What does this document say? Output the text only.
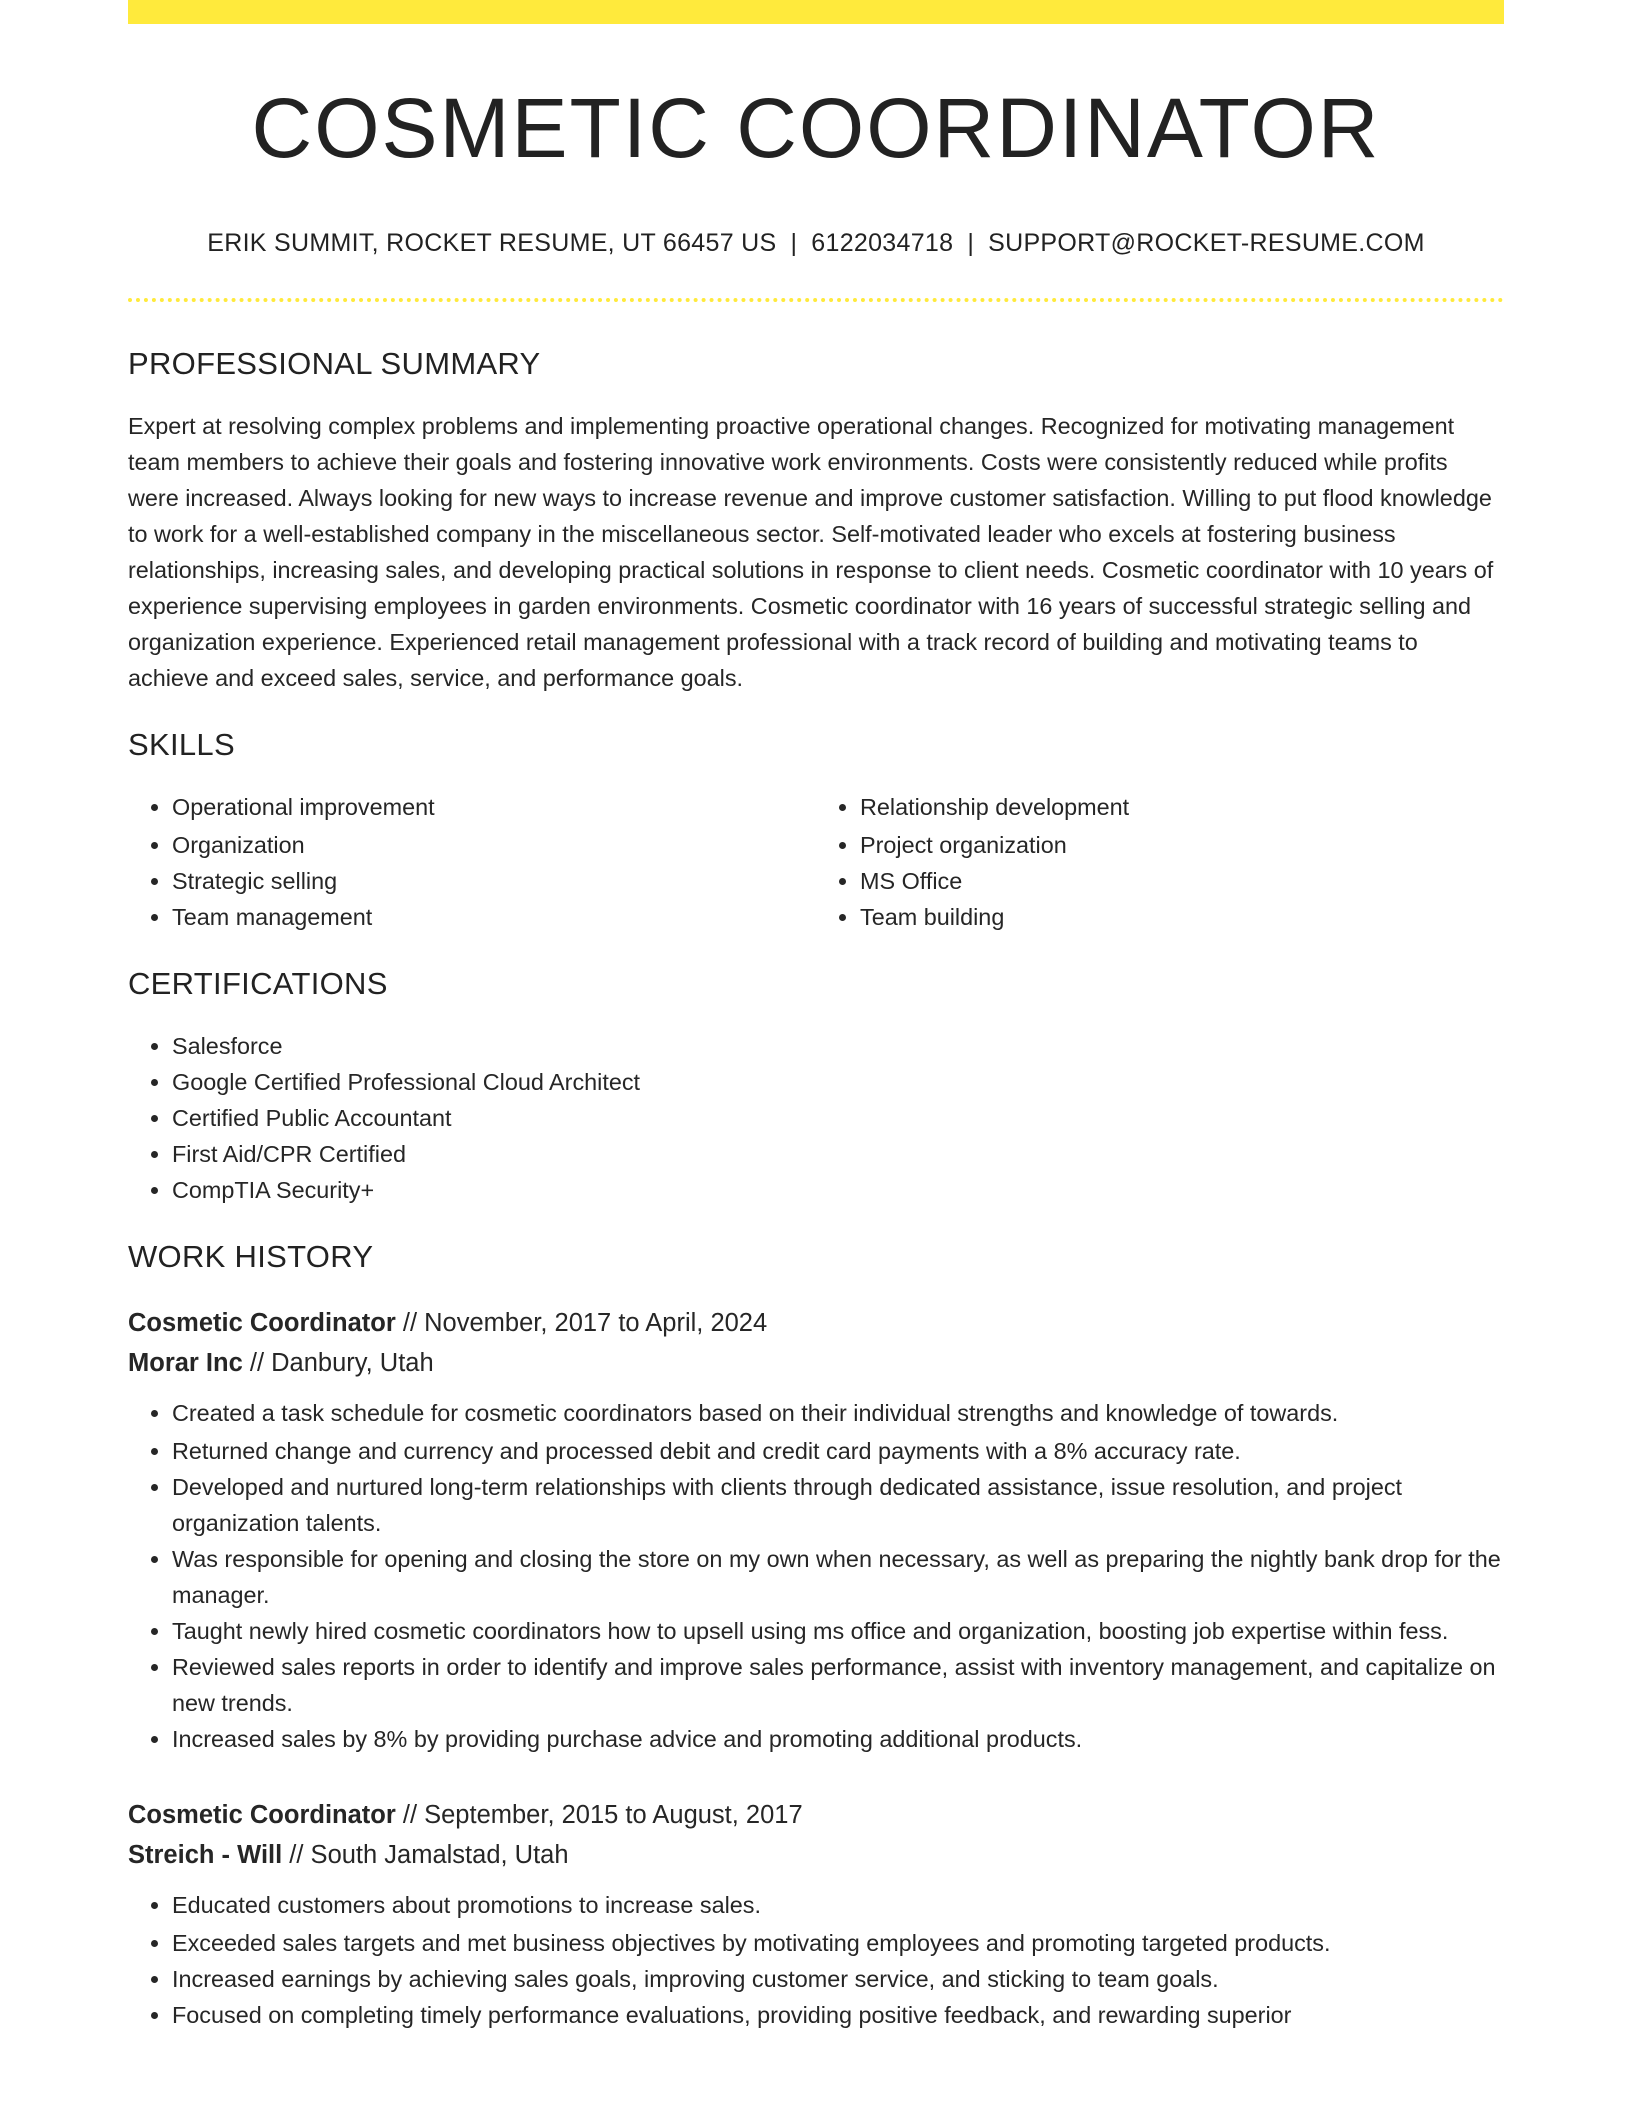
COSMETIC COORDINATOR
ERIK SUMMIT, ROCKET RESUME, UT 66457 US | 6122034718 | SUPPORT@ROCKET-RESUME.COM
PROFESSIONAL SUMMARY
Expert at resolving complex problems and implementing proactive operational changes. Recognized for motivating management team members to achieve their goals and fostering innovative work environments. Costs were consistently reduced while profits were increased. Always looking for new ways to increase revenue and improve customer satisfaction. Willing to put flood knowledge to work for a well-established company in the miscellaneous sector. Self-motivated leader who excels at fostering business relationships, increasing sales, and developing practical solutions in response to client needs. Cosmetic coordinator with 10 years of experience supervising employees in garden environments. Cosmetic coordinator with 16 years of successful strategic selling and organization experience. Experienced retail management professional with a track record of building and motivating teams to achieve and exceed sales, service, and performance goals.
SKILLS
• Operational improvement
• Organization
• Strategic selling
• Team management
• Relationship development
• Project organization
• MS Office
• Team building
CERTIFICATIONS
• Salesforce
• Google Certified Professional Cloud Architect
• Certified Public Accountant
• First Aid/CPR Certified
• CompTIA Security+
WORK HISTORY
Cosmetic Coordinator // November, 2017 to April, 2024
Morar Inc // Danbury, Utah
• Created a task schedule for cosmetic coordinators based on their individual strengths and knowledge of towards.
• Returned change and currency and processed debit and credit card payments with a 8% accuracy rate.
• Developed and nurtured long-term relationships with clients through dedicated assistance, issue resolution, and project organization talents.
• Was responsible for opening and closing the store on my own when necessary, as well as preparing the nightly bank drop for the manager.
• Taught newly hired cosmetic coordinators how to upsell using ms office and organization, boosting job expertise within fess.
• Reviewed sales reports in order to identify and improve sales performance, assist with inventory management, and capitalize on new trends.
• Increased sales by 8% by providing purchase advice and promoting additional products.
Cosmetic Coordinator // September, 2015 to August, 2017
Streich - Will // South Jamalstad, Utah
• Educated customers about promotions to increase sales.
• Exceeded sales targets and met business objectives by motivating employees and promoting targeted products.
• Increased earnings by achieving sales goals, improving customer service, and sticking to team goals.
• Focused on completing timely performance evaluations, providing positive feedback, and rewarding superior
